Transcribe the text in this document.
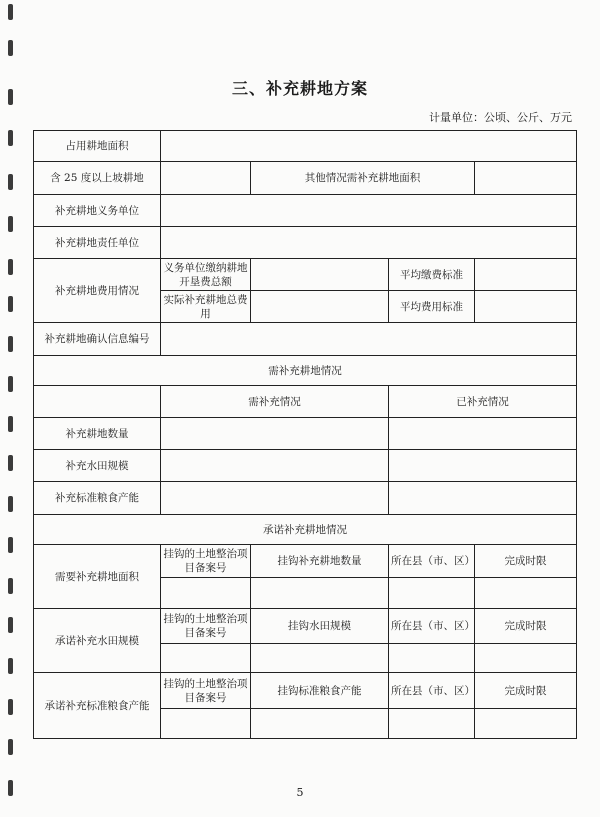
三、补充耕地方案
计量单位：公顷、公斤、万元
占用耕地面积				
含 25 度以上坡耕地		其他情况需补充耕地面积		
补充耕地义务单位				
补充耕地责任单位				
补充耕地费用情况	义务单位缴纳耕地开垦费总额		平均缴费标准	
	实际补充耕地总费用		平均费用标准	
补充耕地确认信息编号				
需补充耕地情况				
	需补充情况		已补充情况	
补充耕地数量				
补充水田规模				
补充标准粮食产能				
承诺补充耕地情况				
需要补充耕地面积	挂钩的土地整治项目备案号	挂钩补充耕地数量	所在县（市、区）	完成时限

承诺补充水田规模	挂钩的土地整治项目备案号	挂钩水田规模	所在县（市、区）	完成时限

承诺补充标准粮食产能	挂钩的土地整治项目备案号	挂钩标准粮食产能	所在县（市、区）	完成时限

5
